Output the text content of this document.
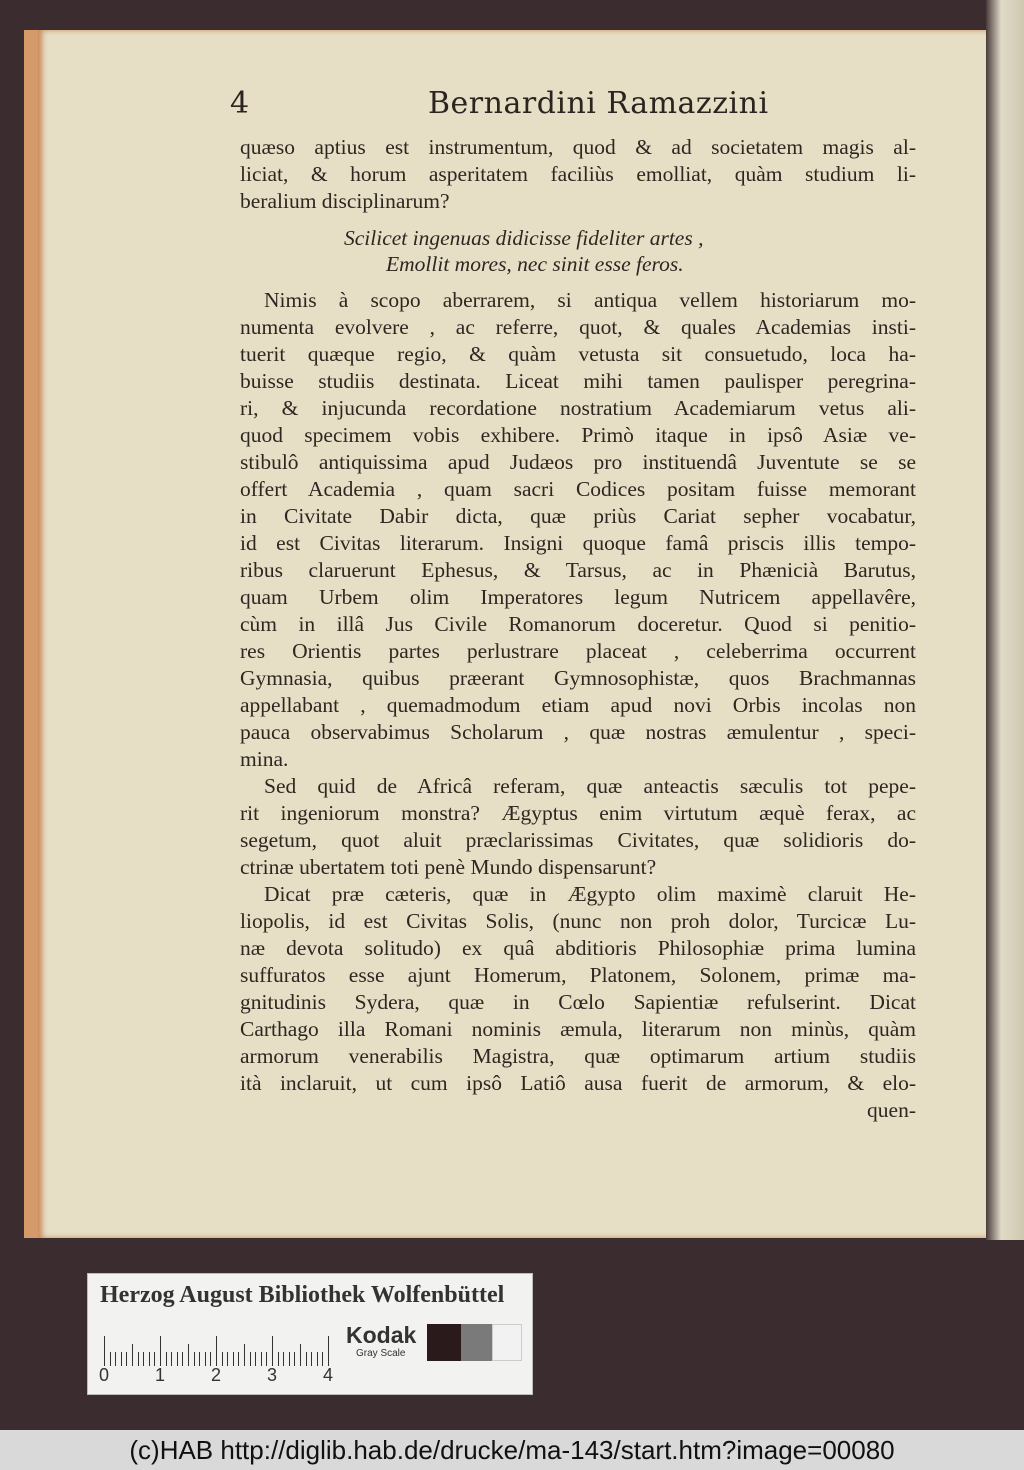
4	Bernardini Ramazzini
quæso aptius est instrumentum, quod & ad societatem magis al-
liciat, & horum asperitatem faciliùs emolliat, quàm studium li-
beralium disciplinarum?
Scilicet ingenuas didicisse fideliter artes ,
Emollit mores, nec sinit esse feros.
Nimis à scopo aberrarem, si antiqua vellem historiarum mo-
numenta evolvere , ac referre, quot, & quales Academias insti-
tuerit quæque regio, & quàm vetusta sit consuetudo, loca ha-
buisse studiis destinata. Liceat mihi tamen paulisper peregrina-
ri, & injucunda recordatione nostratium Academiarum vetus ali-
quod specimem vobis exhibere. Primò itaque in ipsô Asiæ ve-
stibulô antiquissima apud Judæos pro instituendâ Juventute se se
offert Academia , quam sacri Codices positam fuisse memorant
in Civitate Dabir dicta, quæ priùs Cariat sepher vocabatur,
id est Civitas literarum. Insigni quoque famâ priscis illis tempo-
ribus claruerunt Ephesus, & Tarsus, ac in Phænicià Barutus,
quam Urbem olim Imperatores legum Nutricem appellavêre,
cùm in illâ Jus Civile Romanorum doceretur. Quod si penitio-
res Orientis partes perlustrare placeat , celeberrima occurrent
Gymnasia, quibus præerant Gymnosophistæ, quos Brachmannas
appellabant , quemadmodum etiam apud novi Orbis incolas non
pauca observabimus Scholarum , quæ nostras æmulentur , speci-
mina.
Sed quid de Africâ referam, quæ anteactis sæculis tot pepe-
rit ingeniorum monstra? Ægyptus enim virtutum æquè ferax, ac
segetum, quot aluit præclarissimas Civitates, quæ solidioris do-
ctrinæ ubertatem toti penè Mundo dispensarunt?
Dicat præ cæteris, quæ in Ægypto olim maximè claruit He-
liopolis, id est Civitas Solis, (nunc non proh dolor, Turcicæ Lu-
næ devota solitudo) ex quâ abditioris Philosophiæ prima lumina
suffuratos esse ajunt Homerum, Platonem, Solonem, primæ ma-
gnitudinis Sydera, quæ in Cœlo Sapientiæ refulserint. Dicat
Carthago illa Romani nominis æmula, literarum non minùs, quàm
armorum venerabilis Magistra, quæ optimarum artium studiis
ità inclaruit, ut cum ipsô Latiô ausa fuerit de armorum, & elo-
quen-
Herzog August Bibliothek Wolfenbüttel
0	1	2	3	4
Kodak
Gray Scale
(c)HAB http://diglib.hab.de/drucke/ma-143/start.htm?image=00080
